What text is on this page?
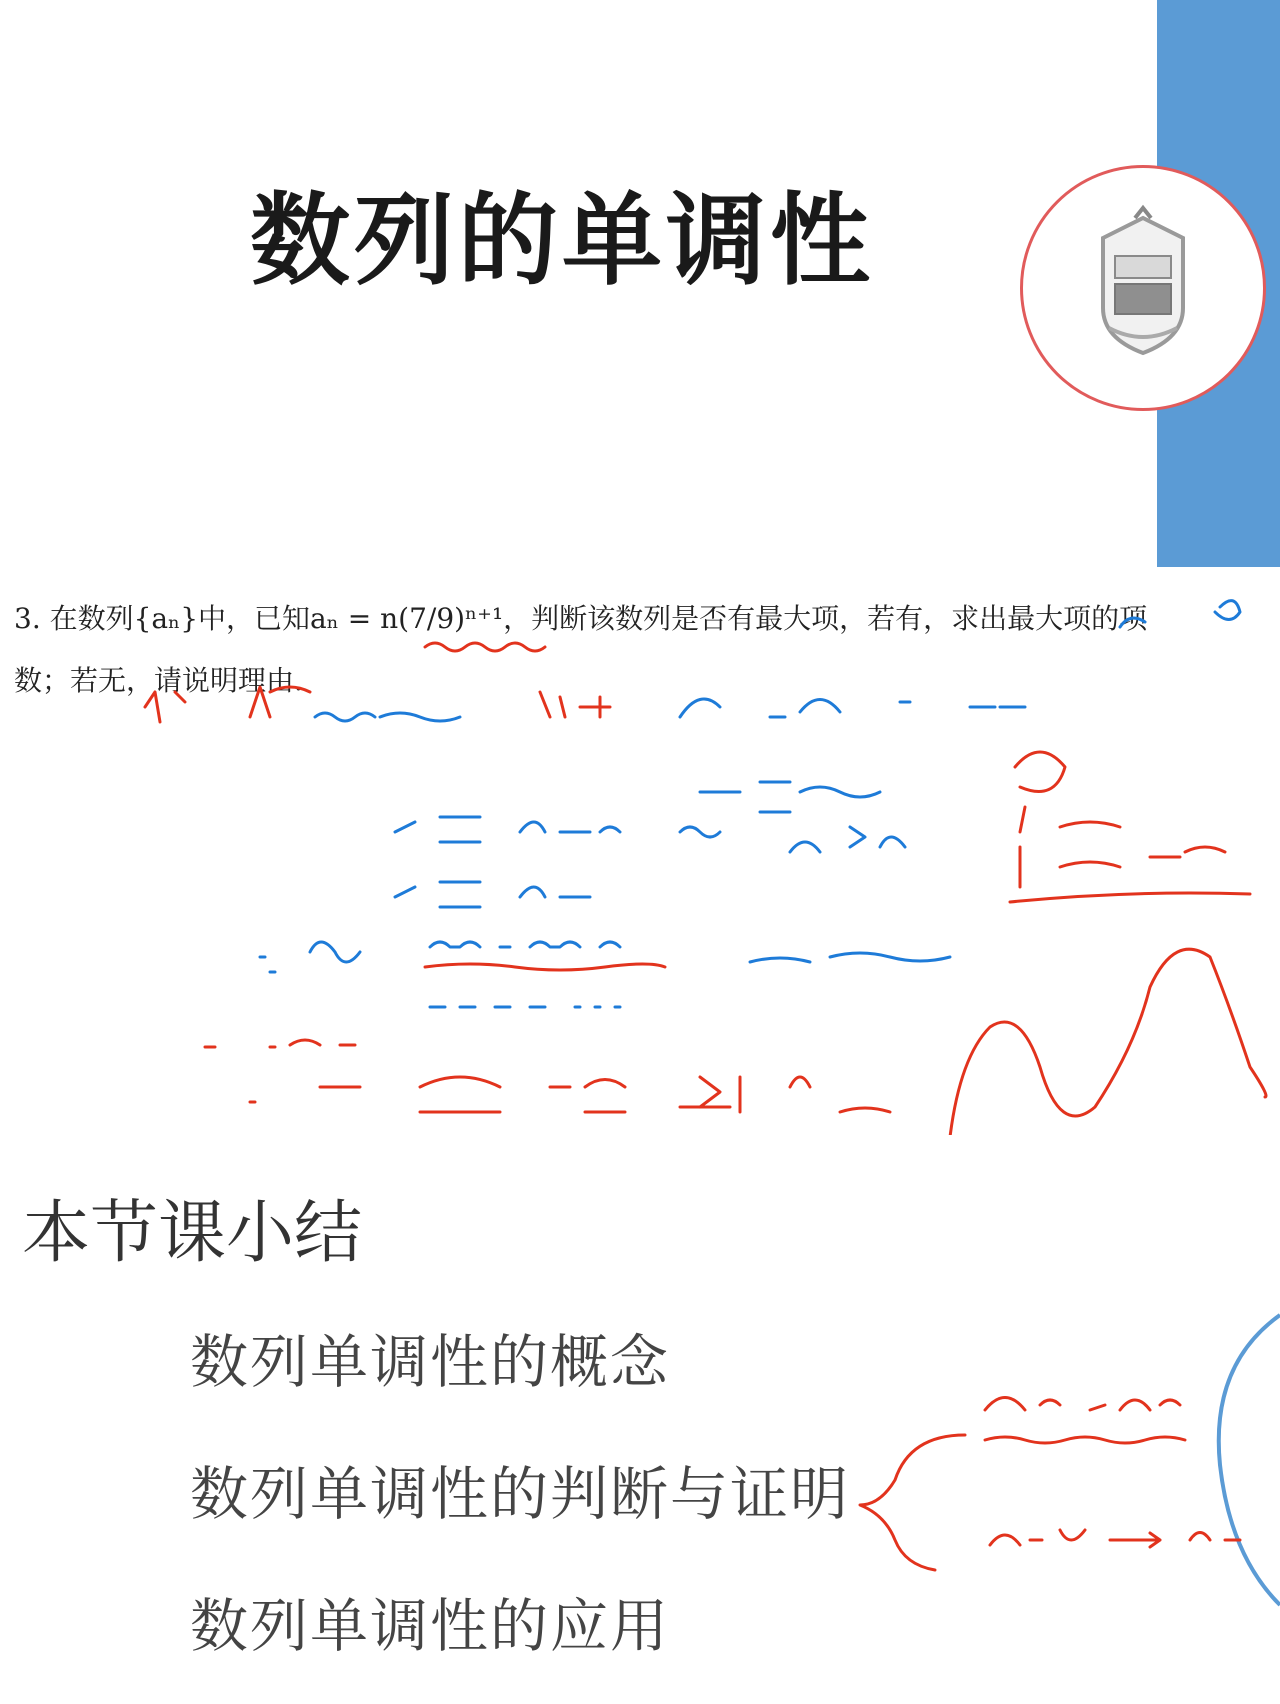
数列的单调性
3. 在数列{aₙ}中，已知aₙ = n(7/9)ⁿ⁺¹，判断该数列是否有最大项，若有，求出最大项的项
数；若无，请说明理由.
本节课小结
数列单调性的概念
数列单调性的判断与证明
数列单调性的应用
